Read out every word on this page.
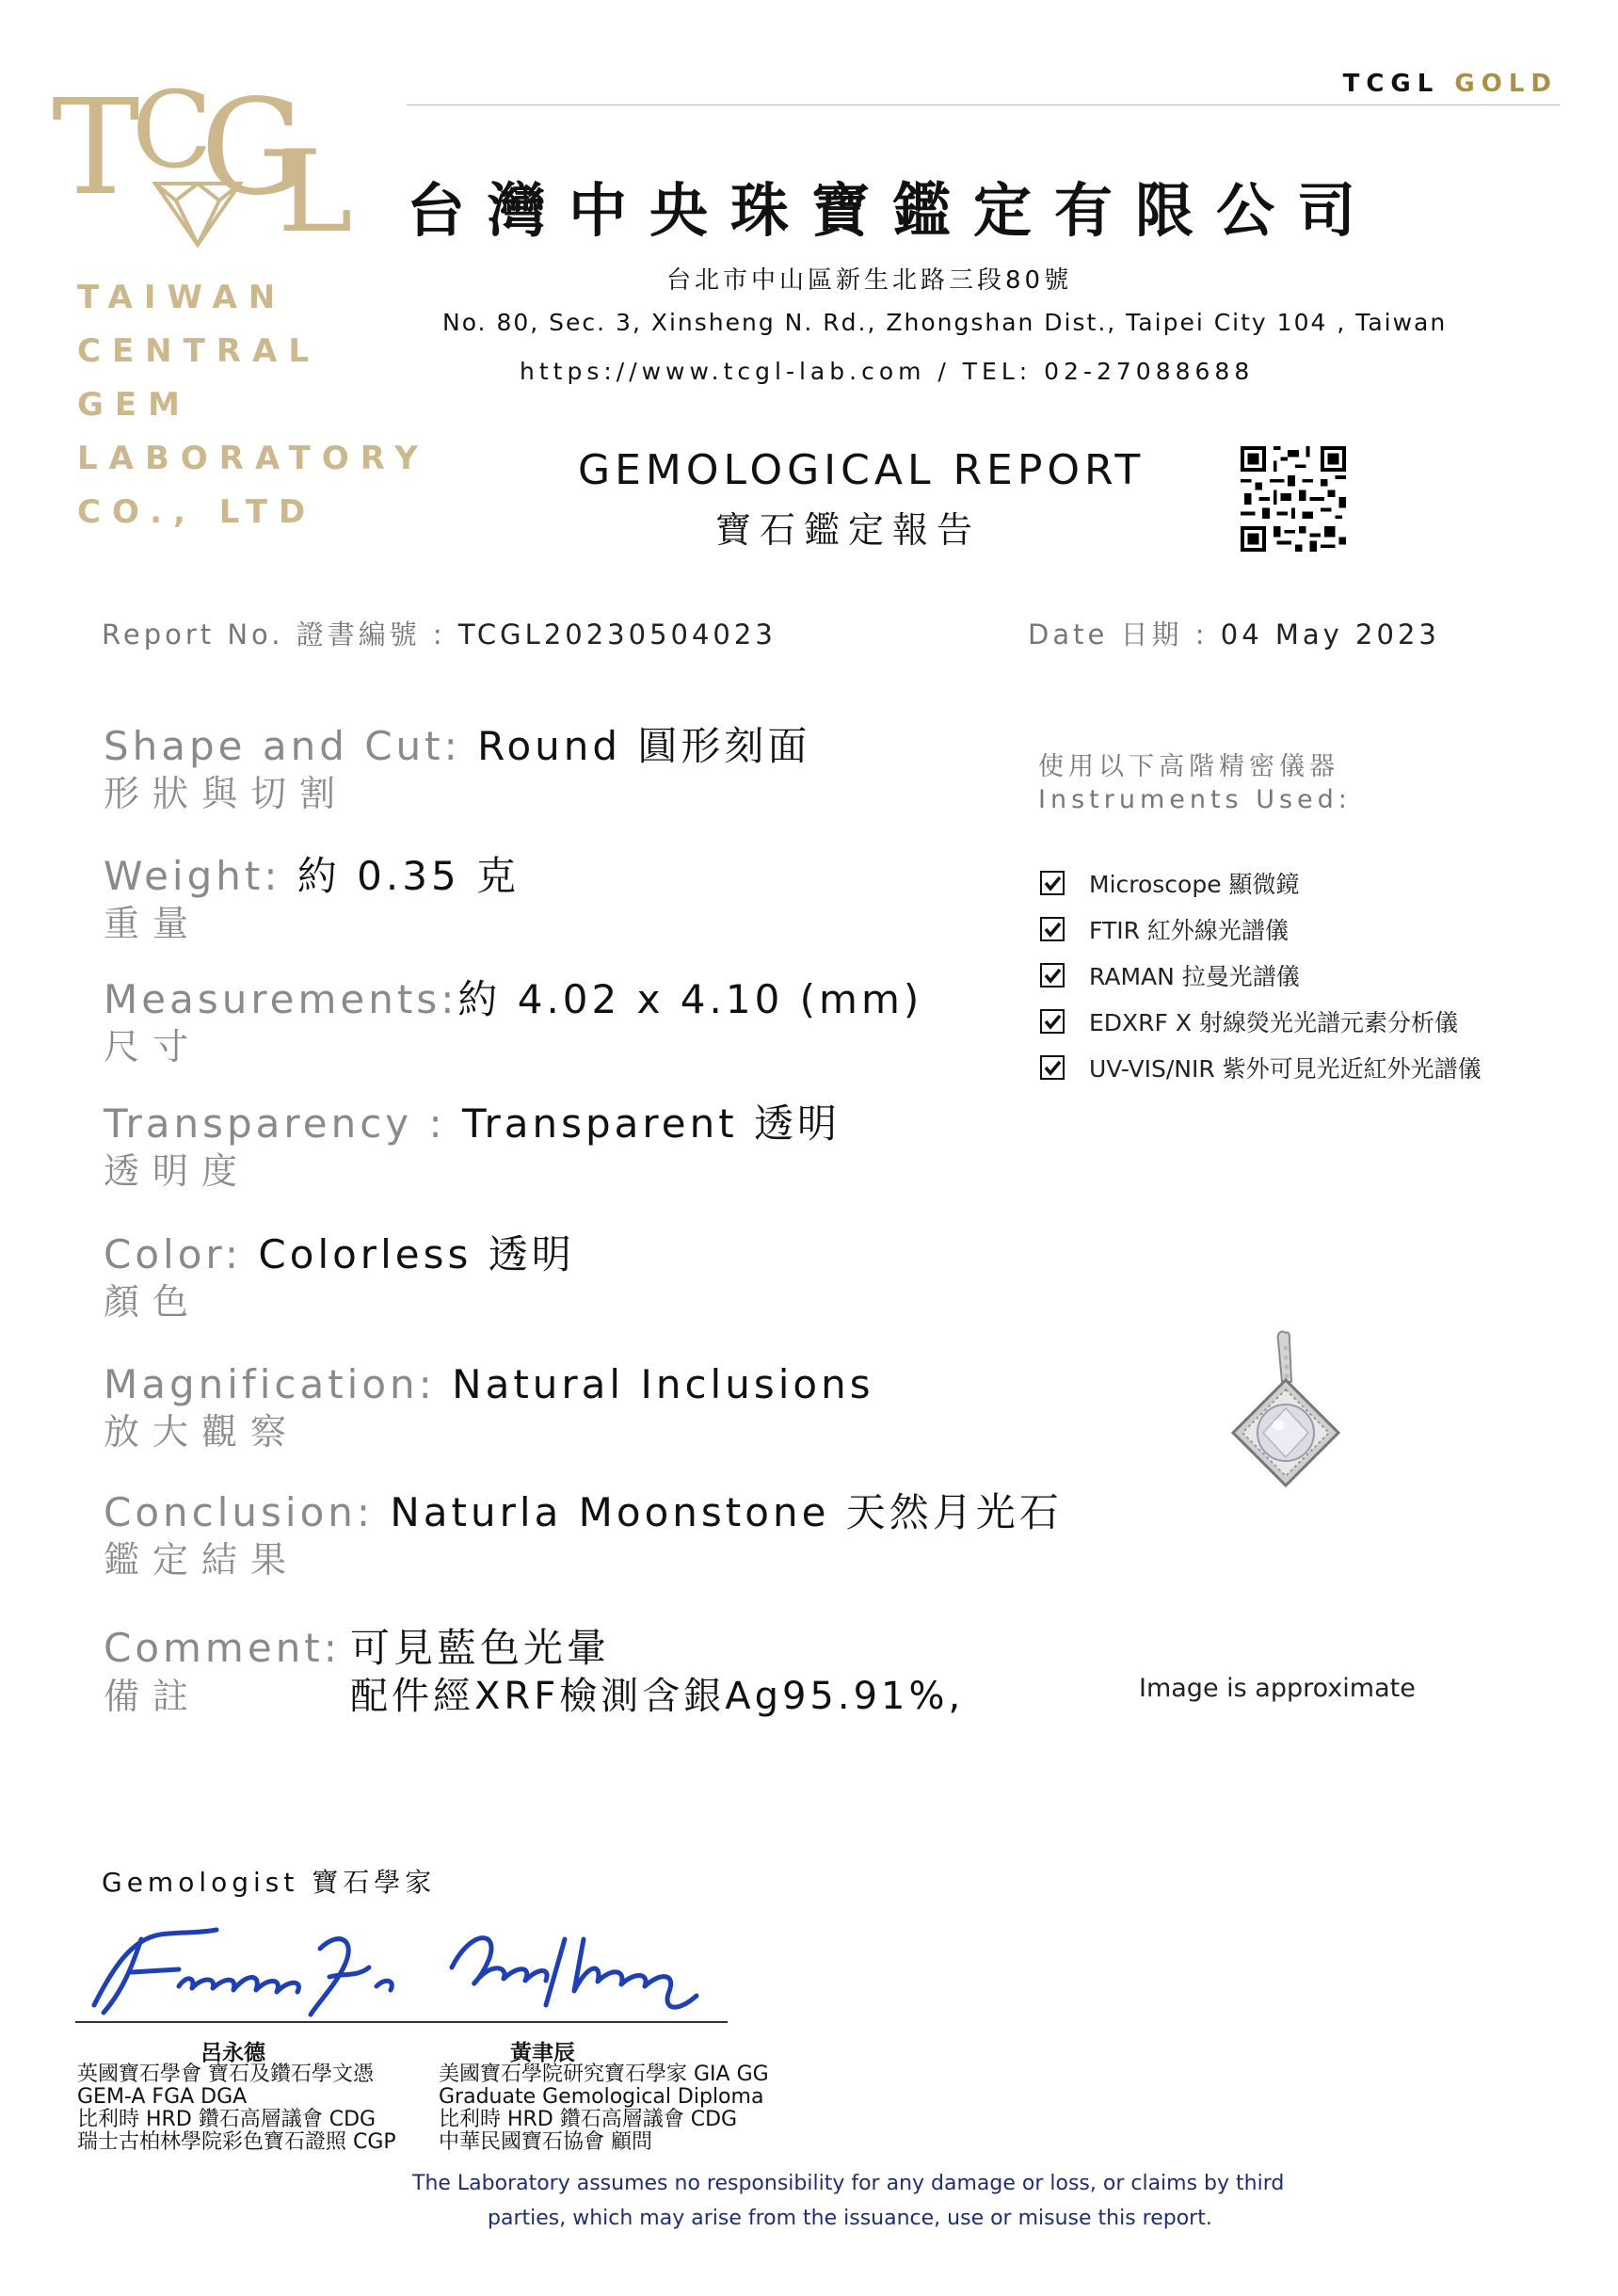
TCGL GOLD
T
C
G
L
TAIWAN
CENTRAL
GEM
LABORATORY
CO., LTD
台灣中央珠寶鑑定有限公司
台北市中山區新生北路三段80號
No. 80, Sec. 3, Xinsheng N. Rd., Zhongshan Dist., Taipei City 104 , Taiwan
https://www.tcgl-lab.com / TEL: 02-27088688
GEMOLOGICAL REPORT
寶石鑑定報告
Report No. 證書編號 : TCGL20230504023	Date 日期 : 04 May 2023
Shape and Cut: Round 圓形刻面
形狀與切割
Weight: 約 0.35 克
重量
Measurements:約 4.02 x 4.10 (mm)
尺寸
Transparency : Transparent 透明
透明度
Color: Colorless 透明
顏色
Magnification: Natural Inclusions
放大觀察
Conclusion: Naturla Moonstone 天然月光石
鑑定結果
Comment:可見藍色光暈
備註	配件經XRF檢測含銀Ag95.91%,
使用以下高階精密儀器
Instruments Used:
Microscope 顯微鏡
FTIR 紅外線光譜儀
RAMAN 拉曼光譜儀
EDXRF X 射線熒光光譜元素分析儀
UV-VIS/NIR 紫外可見光近紅外光譜儀
Image is approximate
Gemologist 寶石學家
呂永德	黃聿辰
英國寶石學會 寶石及鑽石學文憑
GEM-A FGA DGA
比利時 HRD 鑽石高層議會 CDG
瑞士古柏林學院彩色寶石證照 CGP
美國寶石學院研究寶石學家 GIA GG
Graduate Gemological Diploma
比利時 HRD 鑽石高層議會 CDG
中華民國寶石協會 顧問
The Laboratory assumes no responsibility for any damage or loss, or claims by third
parties, which may arise from the issuance, use or misuse this report.
